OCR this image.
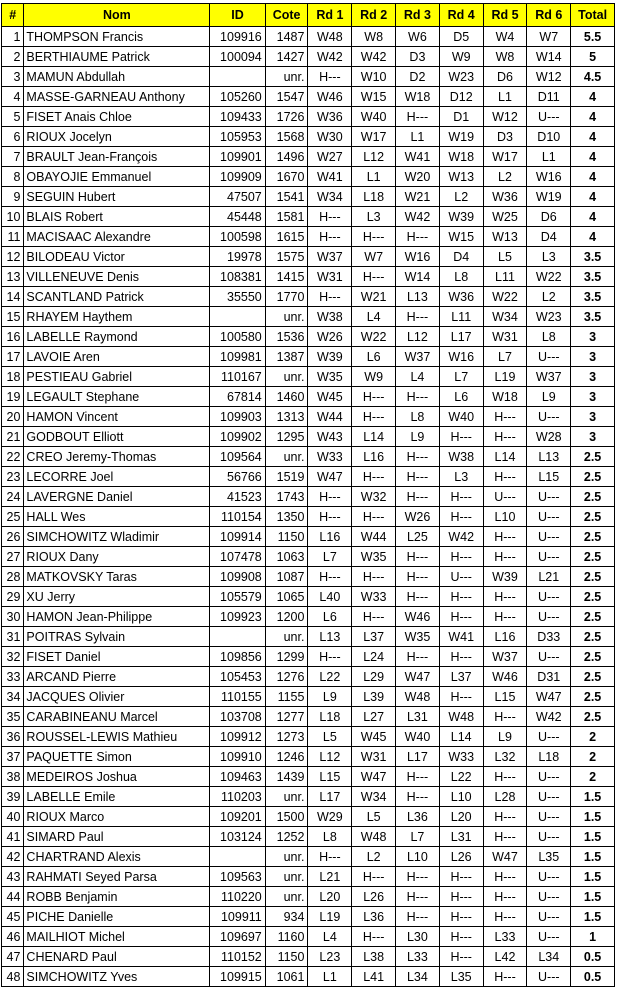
#	Nom	ID	Cote	Rd 1	Rd 2	Rd 3	Rd 4	Rd 5	Rd 6	Total
1	THOMPSON Francis	109916	1487	W48	W8	W6	D5	W4	W7	5.5
2	BERTHIAUME Patrick	100094	1427	W42	W42	D3	W9	W8	W14	5
3	MAMUN Abdullah		unr.	H---	W10	D2	W23	D6	W12	4.5
4	MASSE-GARNEAU Anthony	105260	1547	W46	W15	W18	D12	L1	D11	4
5	FISET Anais Chloe	109433	1726	W36	W40	H---	D1	W12	U---	4
6	RIOUX Jocelyn	105953	1568	W30	W17	L1	W19	D3	D10	4
7	BRAULT Jean-François	109901	1496	W27	L12	W41	W18	W17	L1	4
8	OBAYOJIE Emmanuel	109909	1670	W41	L1	W20	W13	L2	W16	4
9	SEGUIN Hubert	47507	1541	W34	L18	W21	L2	W36	W19	4
10	BLAIS Robert	45448	1581	H---	L3	W42	W39	W25	D6	4
11	MACISAAC Alexandre	100598	1615	H---	H---	H---	W15	W13	D4	4
12	BILODEAU Victor	19978	1575	W37	W7	W16	D4	L5	L3	3.5
13	VILLENEUVE Denis	108381	1415	W31	H---	W14	L8	L11	W22	3.5
14	SCANTLAND Patrick	35550	1770	H---	W21	L13	W36	W22	L2	3.5
15	RHAYEM Haythem		unr.	W38	L4	H---	L11	W34	W23	3.5
16	LABELLE Raymond	100580	1536	W26	W22	L12	L17	W31	L8	3
17	LAVOIE Aren	109981	1387	W39	L6	W37	W16	L7	U---	3
18	PESTIEAU Gabriel	110167	unr.	W35	W9	L4	L7	L19	W37	3
19	LEGAULT Stephane	67814	1460	W45	H---	H---	L6	W18	L9	3
20	HAMON Vincent	109903	1313	W44	H---	L8	W40	H---	U---	3
21	GODBOUT Elliott	109902	1295	W43	L14	L9	H---	H---	W28	3
22	CREO Jeremy-Thomas	109564	unr.	W33	L16	H---	W38	L14	L13	2.5
23	LECORRE Joel	56766	1519	W47	H---	H---	L3	H---	L15	2.5
24	LAVERGNE Daniel	41523	1743	H---	W32	H---	H---	U---	U---	2.5
25	HALL Wes	110154	1350	H---	H---	W26	H---	L10	U---	2.5
26	SIMCHOWITZ Wladimir	109914	1150	L16	W44	L25	W42	H---	U---	2.5
27	RIOUX Dany	107478	1063	L7	W35	H---	H---	H---	U---	2.5
28	MATKOVSKY Taras	109908	1087	H---	H---	H---	U---	W39	L21	2.5
29	XU Jerry	105579	1065	L40	W33	H---	H---	H---	U---	2.5
30	HAMON Jean-Philippe	109923	1200	L6	H---	W46	H---	H---	U---	2.5
31	POITRAS Sylvain		unr.	L13	L37	W35	W41	L16	D33	2.5
32	FISET Daniel	109856	1299	H---	L24	H---	H---	W37	U---	2.5
33	ARCAND Pierre	105453	1276	L22	L29	W47	L37	W46	D31	2.5
34	JACQUES Olivier	110155	1155	L9	L39	W48	H---	L15	W47	2.5
35	CARABINEANU Marcel	103708	1277	L18	L27	L31	W48	H---	W42	2.5
36	ROUSSEL-LEWIS Mathieu	109912	1273	L5	W45	W40	L14	L9	U---	2
37	PAQUETTE Simon	109910	1246	L12	W31	L17	W33	L32	L18	2
38	MEDEIROS Joshua	109463	1439	L15	W47	H---	L22	H---	U---	2
39	LABELLE Emile	110203	unr.	L17	W34	H---	L10	L28	U---	1.5
40	RIOUX Marco	109201	1500	W29	L5	L36	L20	H---	U---	1.5
41	SIMARD Paul	103124	1252	L8	W48	L7	L31	H---	U---	1.5
42	CHARTRAND Alexis		unr.	H---	L2	L10	L26	W47	L35	1.5
43	RAHMATI Seyed Parsa	109563	unr.	L21	H---	H---	H---	H---	U---	1.5
44	ROBB Benjamin	110220	unr.	L20	L26	H---	H---	H---	U---	1.5
45	PICHE Danielle	109911	934	L19	L36	H---	H---	H---	U---	1.5
46	MAILHIOT Michel	109697	1160	L4	H---	L30	H---	L33	U---	1
47	CHENARD Paul	110152	1150	L23	L38	L33	H---	L42	L34	0.5
48	SIMCHOWITZ Yves	109915	1061	L1	L41	L34	L35	H---	U---	0.5
